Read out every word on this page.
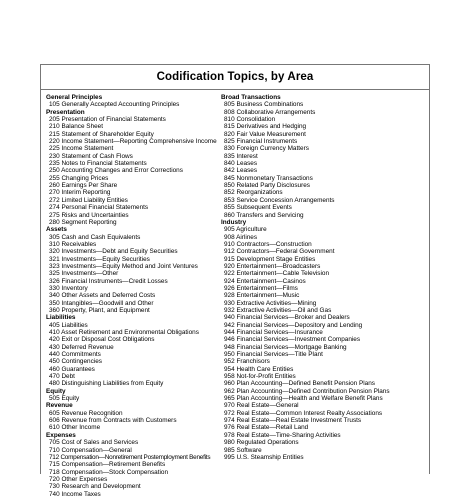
Codification Topics, by Area
General Principles
105 Generally Accepted Accounting Principles
Presentation
205 Presentation of Financial Statements
210 Balance Sheet
215 Statement of Shareholder Equity
220 Income Statement—Reporting Comprehensive Income
225 Income Statement
230 Statement of Cash Flows
235 Notes to Financial Statements
250 Accounting Changes and Error Corrections
255 Changing Prices
260 Earnings Per Share
270 Interim Reporting
272 Limited Liability Entities
274 Personal Financial Statements
275 Risks and Uncertainties
280 Segment Reporting
Assets
305 Cash and Cash Equivalents
310 Receivables
320 Investments—Debt and Equity Securities
321 Investments—Equity Securities
323 Investments—Equity Method and Joint Ventures
325 Investments—Other
326 Financial Instruments—Credit Losses
330 Inventory
340 Other Assets and Deferred Costs
350 Intangibles—Goodwill and Other
360 Property, Plant, and Equipment
Liabilities
405 Liabilities
410 Asset Retirement and Environmental Obligations
420 Exit or Disposal Cost Obligations
430 Deferred Revenue
440 Commitments
450 Contingencies
460 Guarantees
470 Debt
480 Distinguishing Liabilities from Equity
Equity
505 Equity
Revenue
605 Revenue Recognition
606 Revenue from Contracts with Customers
610 Other Income
Expenses
705 Cost of Sales and Services
710 Compensation—General
712 Compensation—Nonretirement Postemployment Benefits
715 Compensation—Retirement Benefits
718 Compensation—Stock Compensation
720 Other Expenses
730 Research and Development
740 Income Taxes
Broad Transactions
805 Business Combinations
808 Collaborative Arrangements
810 Consolidation
815 Derivatives and Hedging
820 Fair Value Measurement
825 Financial Instruments
830 Foreign Currency Matters
835 Interest
840 Leases
842 Leases
845 Nonmonetary Transactions
850 Related Party Disclosures
852 Reorganizations
853 Service Concession Arrangements
855 Subsequent Events
860 Transfers and Servicing
Industry
905 Agriculture
908 Airlines
910 Contractors—Construction
912 Contractors—Federal Government
915 Development Stage Entities
920 Entertainment—Broadcasters
922 Entertainment—Cable Television
924 Entertainment—Casinos
926 Entertainment—Films
928 Entertainment—Music
930 Extractive Activities—Mining
932 Extractive Activities—Oil and Gas
940 Financial Services—Broker and Dealers
942 Financial Services—Depository and Lending
944 Financial Services—Insurance
946 Financial Services—Investment Companies
948 Financial Services—Mortgage Banking
950 Financial Services—Title Plant
952 Franchisors
954 Health Care Entities
958 Not-for-Profit Entities
960 Plan Accounting—Defined Benefit Pension Plans
962 Plan Accounting—Defined Contribution Pension Plans
965 Plan Accounting—Health and Welfare Benefit Plans
970 Real Estate—General
972 Real Estate—Common Interest Realty Associations
974 Real Estate—Real Estate Investment Trusts
976 Real Estate—Retail Land
978 Real Estate—Time-Sharing Activities
980 Regulated Operations
985 Software
995 U.S. Steamship Entities
